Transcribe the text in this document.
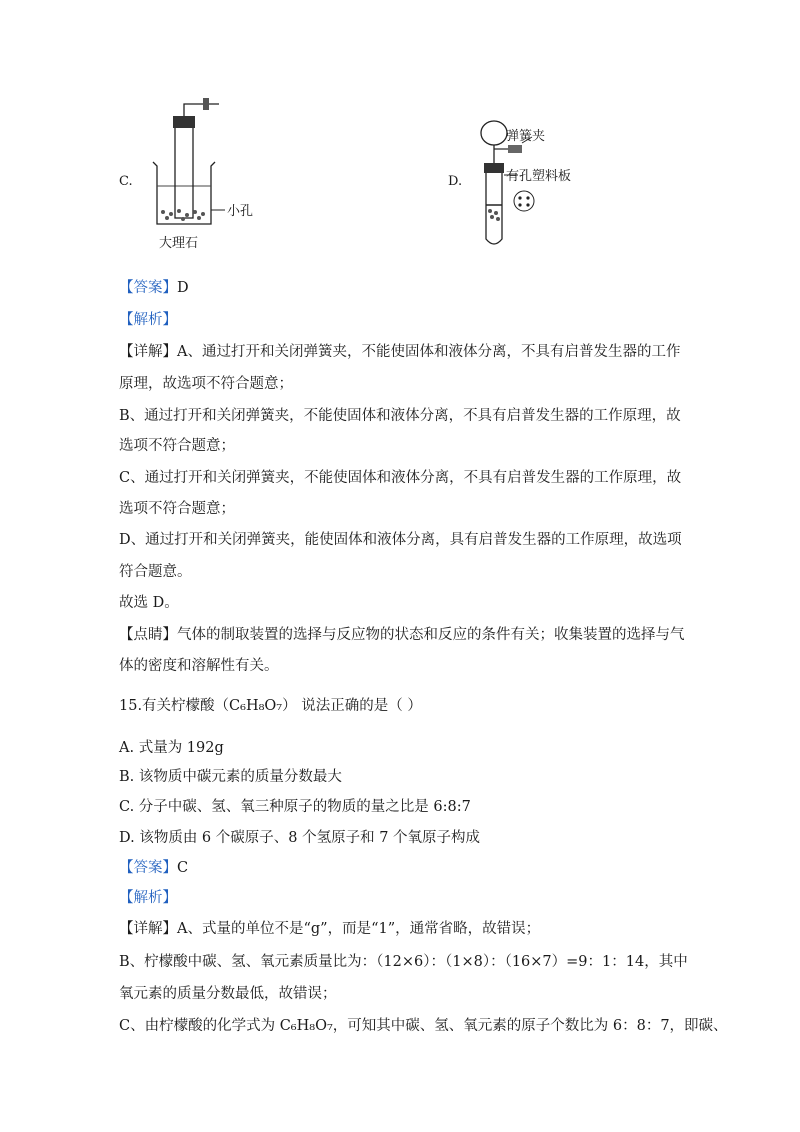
C.
小孔
大理石
D.
弹簧夹
有孔塑料板
【答案】D
【解析】
【详解】A、通过打开和关闭弹簧夹，不能使固体和液体分离，不具有启普发生器的工作
原理，故选项不符合题意；
B、通过打开和关闭弹簧夹，不能使固体和液体分离，不具有启普发生器的工作原理，故
选项不符合题意；
C、通过打开和关闭弹簧夹，不能使固体和液体分离，不具有启普发生器的工作原理，故
选项不符合题意；
D、通过打开和关闭弹簧夹，能使固体和液体分离，具有启普发生器的工作原理，故选项
符合题意。
故选 D。
【点睛】气体的制取装置的选择与反应物的状态和反应的条件有关；收集装置的选择与气
体的密度和溶解性有关。
15.有关柠檬酸（C₆H₈O₇） 说法正确的是（ ）
A. 式量为 192g
B. 该物质中碳元素的质量分数最大
C. 分子中碳、氢、氧三种原子的物质的量之比是 6:8:7
D. 该物质由 6 个碳原子、8 个氢原子和 7 个氧原子构成
【答案】C
【解析】
【详解】A、式量的单位不是“g”，而是“1”，通常省略，故错误；
B、柠檬酸中碳、氢、氧元素质量比为：（12×6）：（1×8）：（16×7）=9：1：14，其中
氧元素的质量分数最低，故错误；
C、由柠檬酸的化学式为 C₆H₈O₇，可知其中碳、氢、氧元素的原子个数比为 6：8：7，即碳、
